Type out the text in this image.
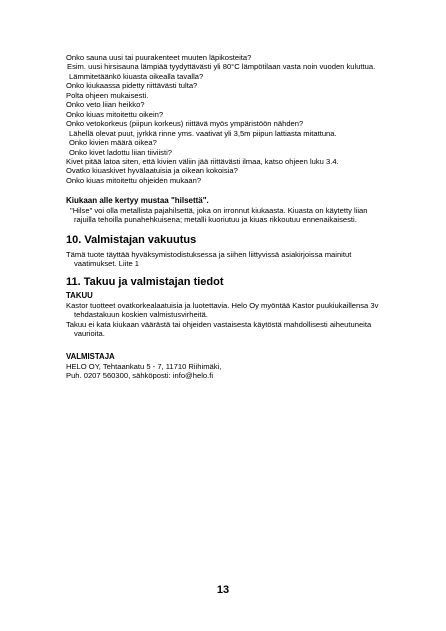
Onko sauna uusi tai puurakenteet muuten läpikosteita?
Esim. uusi hirsisauna lämpiää tyydyttävästi yli 80°C lämpötilaan vasta noin vuoden kuluttua.
Lämmitetäänkö kiuasta oikealla tavalla?
Onko kiukaassa pidetty riittävästi tulta?
Polta ohjeen mukaisesti.
Onko veto liian heikko?
Onko kiuas mitoitettu oikein?
Onko vetokorkeus (piipun korkeus) riittävä myös ympäristöön nähden?
Lähellä olevat puut, jyrkkä rinne yms. vaativat yli 3,5m piipun lattiasta mitattuna.
Onko kivien määrä oikea?
Onko kivet ladottu liian tiiviisti?
Kivet pitää latoa siten, että kivien väliin jää riittävästi ilmaa, katso ohjeen luku 3.4.
Ovatko kiuaskivet hyvälaatuisia ja oikean kokoisia?
Onko kiuas mitoitettu ohjeiden mukaan?
Kiukaan alle kertyy mustaa "hilsettä".
"Hilse" voi olla metallista pajahilsettä, joka on irronnut kiukaasta. Kiuasta on käytetty liian
rajuilla tehoilla punahehkuisena; metalli kuoriutuu ja kiuas rikkoutuu ennenaikaisesti.
10. Valmistajan vakuutus
Tämä tuote täyttää hyväksymistodistuksessa ja siihen liittyvissä asiakirjoissa mainitut
vaatimukset. Liite 1
11. Takuu ja valmistajan tiedot
TAKUU
Kastor tuotteet ovatkorkealaatuisia ja luotettavia. Helo Oy myöntää Kastor puukiukaillensa 3v
tehdastakuun koskien valmistusvirheitä.
Takuu ei kata kiukaan väärästä tai ohjeiden vastaisesta käytöstä mahdollisesti aiheutuneita
vaurioita.
VALMISTAJA
HELO OY, Tehtaankatu 5 - 7, 11710 Riihimäki,
Puh. 0207 560300, sähköposti: info@helo.fi
13
